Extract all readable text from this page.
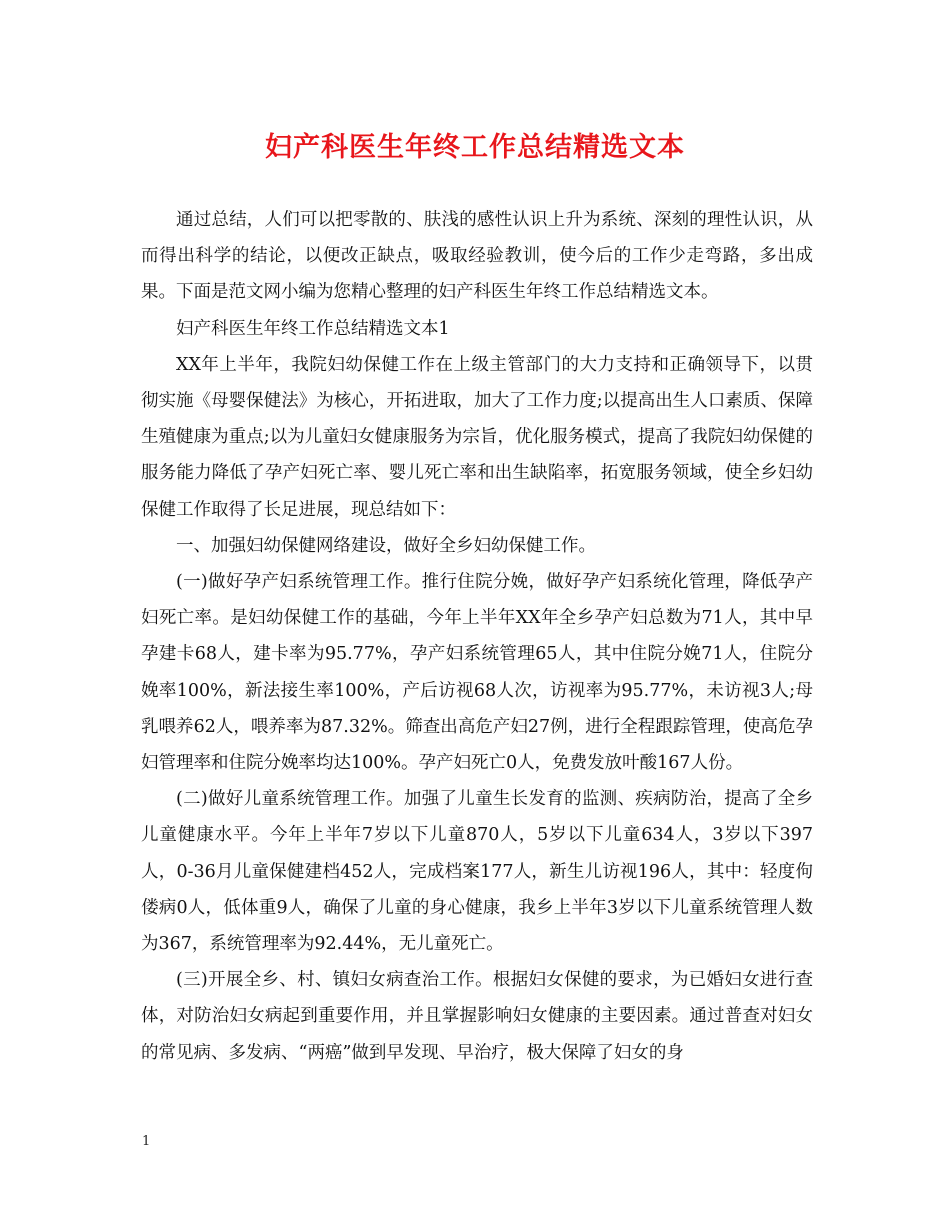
妇产科医生年终工作总结精选文本

通过总结，人们可以把零散的、肤浅的感性认识上升为系统、深刻的理性认识，从而得出科学的结论，以便改正缺点，吸取经验教训，使今后的工作少走弯路，多出成果。下面是范文网小编为您精心整理的妇产科医生年终工作总结精选文本。

妇产科医生年终工作总结精选文本1

XX年上半年，我院妇幼保健工作在上级主管部门的大力支持和正确领导下，以贯彻实施《母婴保健法》为核心，开拓进取，加大了工作力度;以提高出生人口素质、保障生殖健康为重点;以为儿童妇女健康服务为宗旨，优化服务模式，提高了我院妇幼保健的服务能力降低了孕产妇死亡率、婴儿死亡率和出生缺陷率，拓宽服务领域，使全乡妇幼保健工作取得了长足进展，现总结如下：

一、加强妇幼保健网络建设，做好全乡妇幼保健工作。

(一)做好孕产妇系统管理工作。推行住院分娩，做好孕产妇系统化管理，降低孕产妇死亡率。是妇幼保健工作的基础，今年上半年XX年全乡孕产妇总数为71人，其中早孕建卡68人，建卡率为95.77%，孕产妇系统管理65人，其中住院分娩71人，住院分娩率100%，新法接生率100%，产后访视68人次，访视率为95.77%，未访视3人;母乳喂养62人，喂养率为87.32%。筛查出高危产妇27例，进行全程跟踪管理，使高危孕妇管理率和住院分娩率均达100%。孕产妇死亡0人，免费发放叶酸167人份。

(二)做好儿童系统管理工作。加强了儿童生长发育的监测、疾病防治，提高了全乡儿童健康水平。今年上半年7岁以下儿童870人，5岁以下儿童634人，3岁以下397人，0-36月儿童保健建档452人，完成档案177人，新生儿访视196人，其中：轻度佝偻病0人，低体重9人，确保了儿童的身心健康，我乡上半年3岁以下儿童系统管理人数为367，系统管理率为92.44%，无儿童死亡。

(三)开展全乡、村、镇妇女病查治工作。根据妇女保健的要求，为已婚妇女进行查体，对防治妇女病起到重要作用，并且掌握影响妇女健康的主要因素。通过普查对妇女的常见病、多发病、“两癌”做到早发现、早治疗，极大保障了妇女的身

1
